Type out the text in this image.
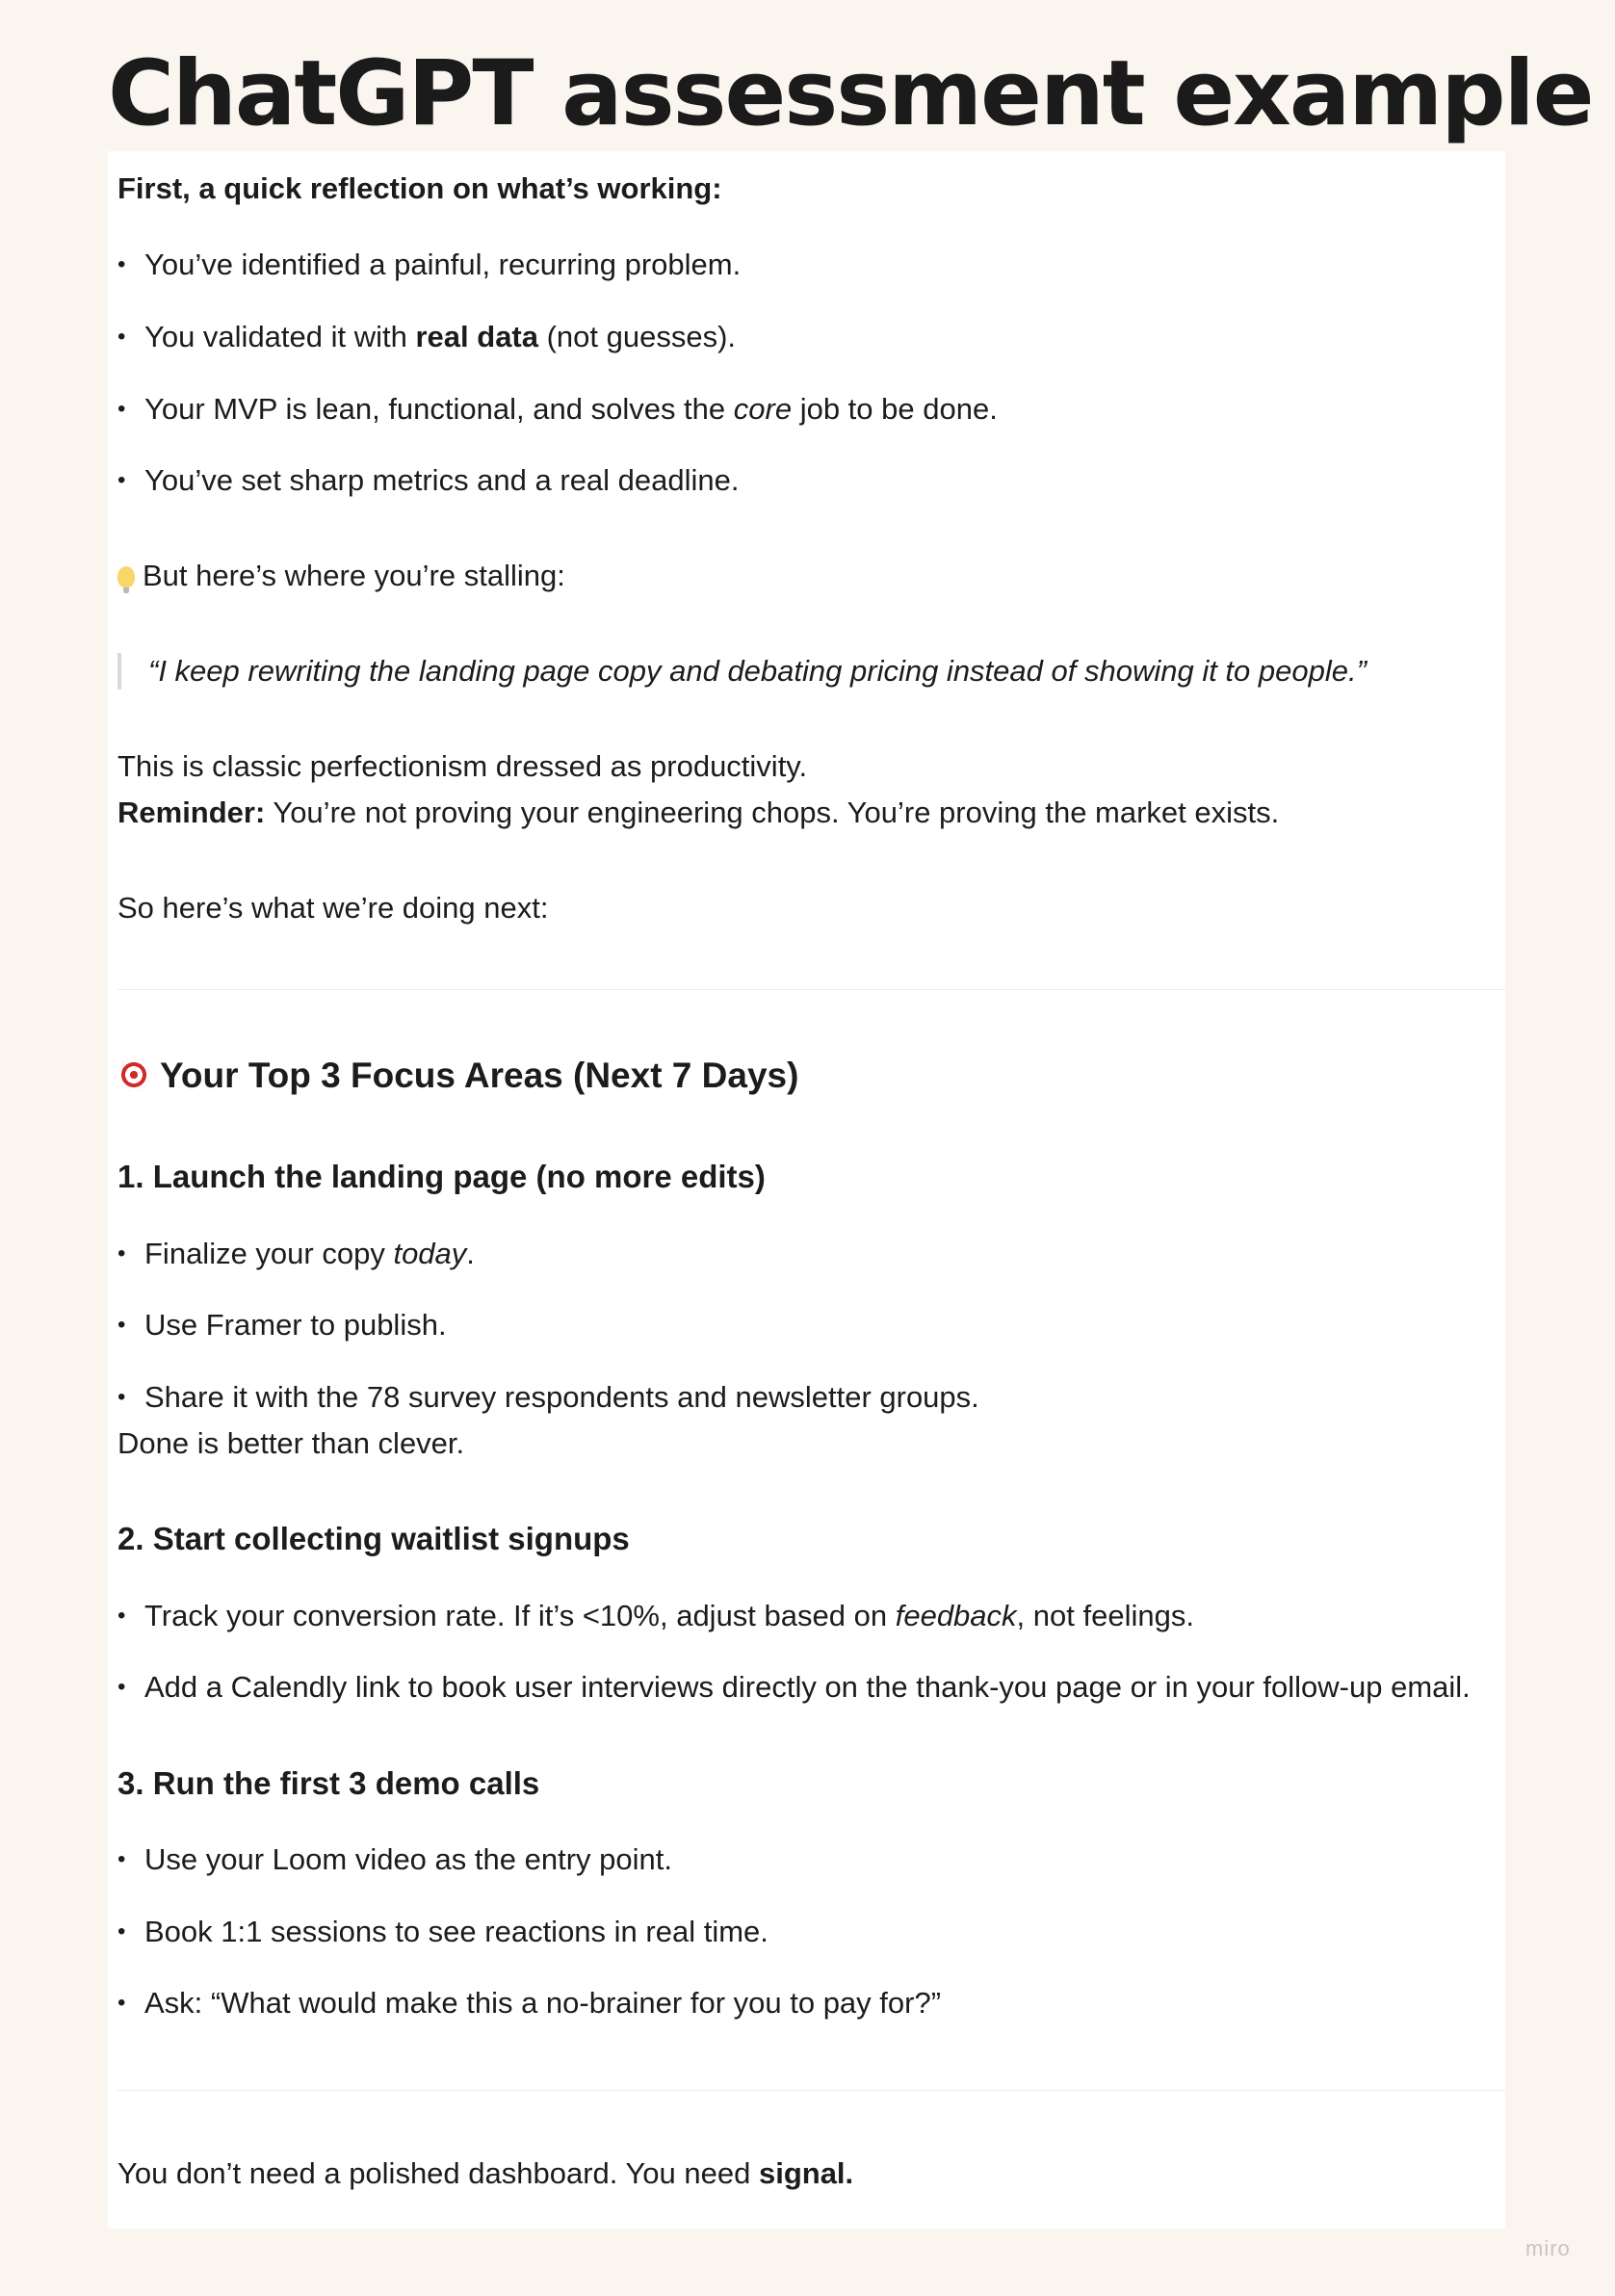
ChatGPT assessment example
First, a quick reflection on what’s working:
• You’ve identified a painful, recurring problem.
• You validated it with real data (not guesses).
• Your MVP is lean, functional, and solves the core job to be done.
• You’ve set sharp metrics and a real deadline.
But here’s where you’re stalling:
“I keep rewriting the landing page copy and debating pricing instead of showing it to people.”
This is classic perfectionism dressed as productivity.
Reminder: You’re not proving your engineering chops. You’re proving the market exists.
So here’s what we’re doing next:
Your Top 3 Focus Areas (Next 7 Days)
1. Launch the landing page (no more edits)
• Finalize your copy today.
• Use Framer to publish.
• Share it with the 78 survey respondents and newsletter groups.
Done is better than clever.
2. Start collecting waitlist signups
• Track your conversion rate. If it’s <10%, adjust based on feedback, not feelings.
• Add a Calendly link to book user interviews directly on the thank-you page or in your follow-up email.
3. Run the first 3 demo calls
• Use your Loom video as the entry point.
• Book 1:1 sessions to see reactions in real time.
• Ask: “What would make this a no-brainer for you to pay for?”
You don’t need a polished dashboard. You need signal.
miro
